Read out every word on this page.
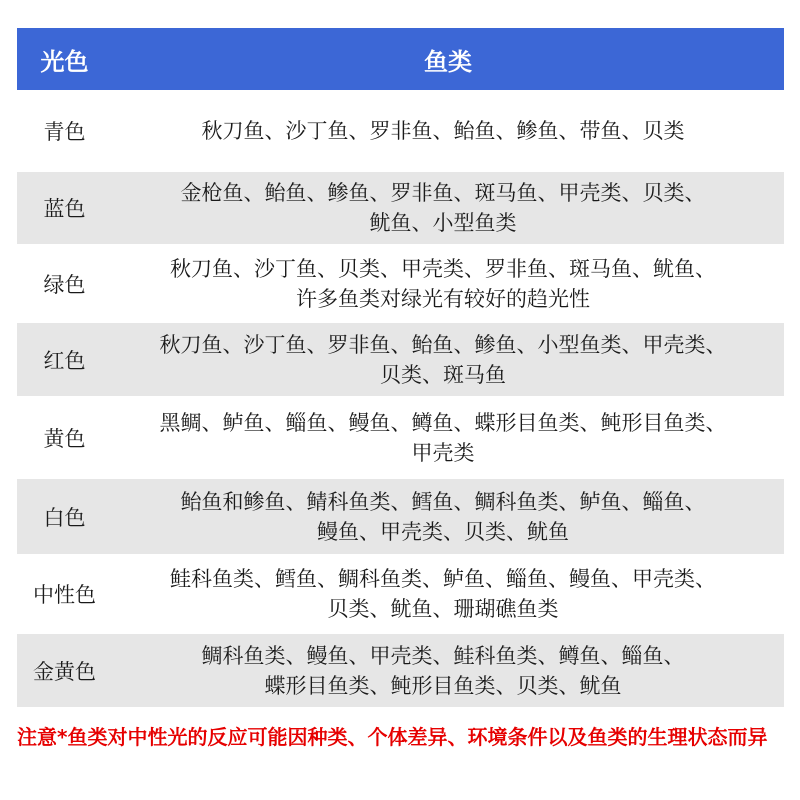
光色	鱼类
青色	秋刀鱼、沙丁鱼、罗非鱼、鲐鱼、鲹鱼、带鱼、贝类
蓝色
金枪鱼、鲐鱼、鲹鱼、罗非鱼、斑马鱼、甲壳类、贝类、
鱿鱼、小型鱼类
绿色
秋刀鱼、沙丁鱼、贝类、甲壳类、罗非鱼、斑马鱼、鱿鱼、
许多鱼类对绿光有较好的趋光性
红色
秋刀鱼、沙丁鱼、罗非鱼、鲐鱼、鲹鱼、小型鱼类、甲壳类、
贝类、斑马鱼
黄色
黑鲷、鲈鱼、鲻鱼、鳗鱼、鳟鱼、蝶形目鱼类、鲀形目鱼类、
甲壳类
白色
鲐鱼和鲹鱼、鲭科鱼类、鳕鱼、鲷科鱼类、鲈鱼、鲻鱼、
鳗鱼、甲壳类、贝类、鱿鱼
中性色
鲑科鱼类、鳕鱼、鲷科鱼类、鲈鱼、鲻鱼、鳗鱼、甲壳类、
贝类、鱿鱼、珊瑚礁鱼类
金黄色
鲷科鱼类、鳗鱼、甲壳类、鲑科鱼类、鳟鱼、鲻鱼、
蝶形目鱼类、鲀形目鱼类、贝类、鱿鱼
注意*鱼类对中性光的反应可能因种类、个体差异、环境条件以及鱼类的生理状态而异
